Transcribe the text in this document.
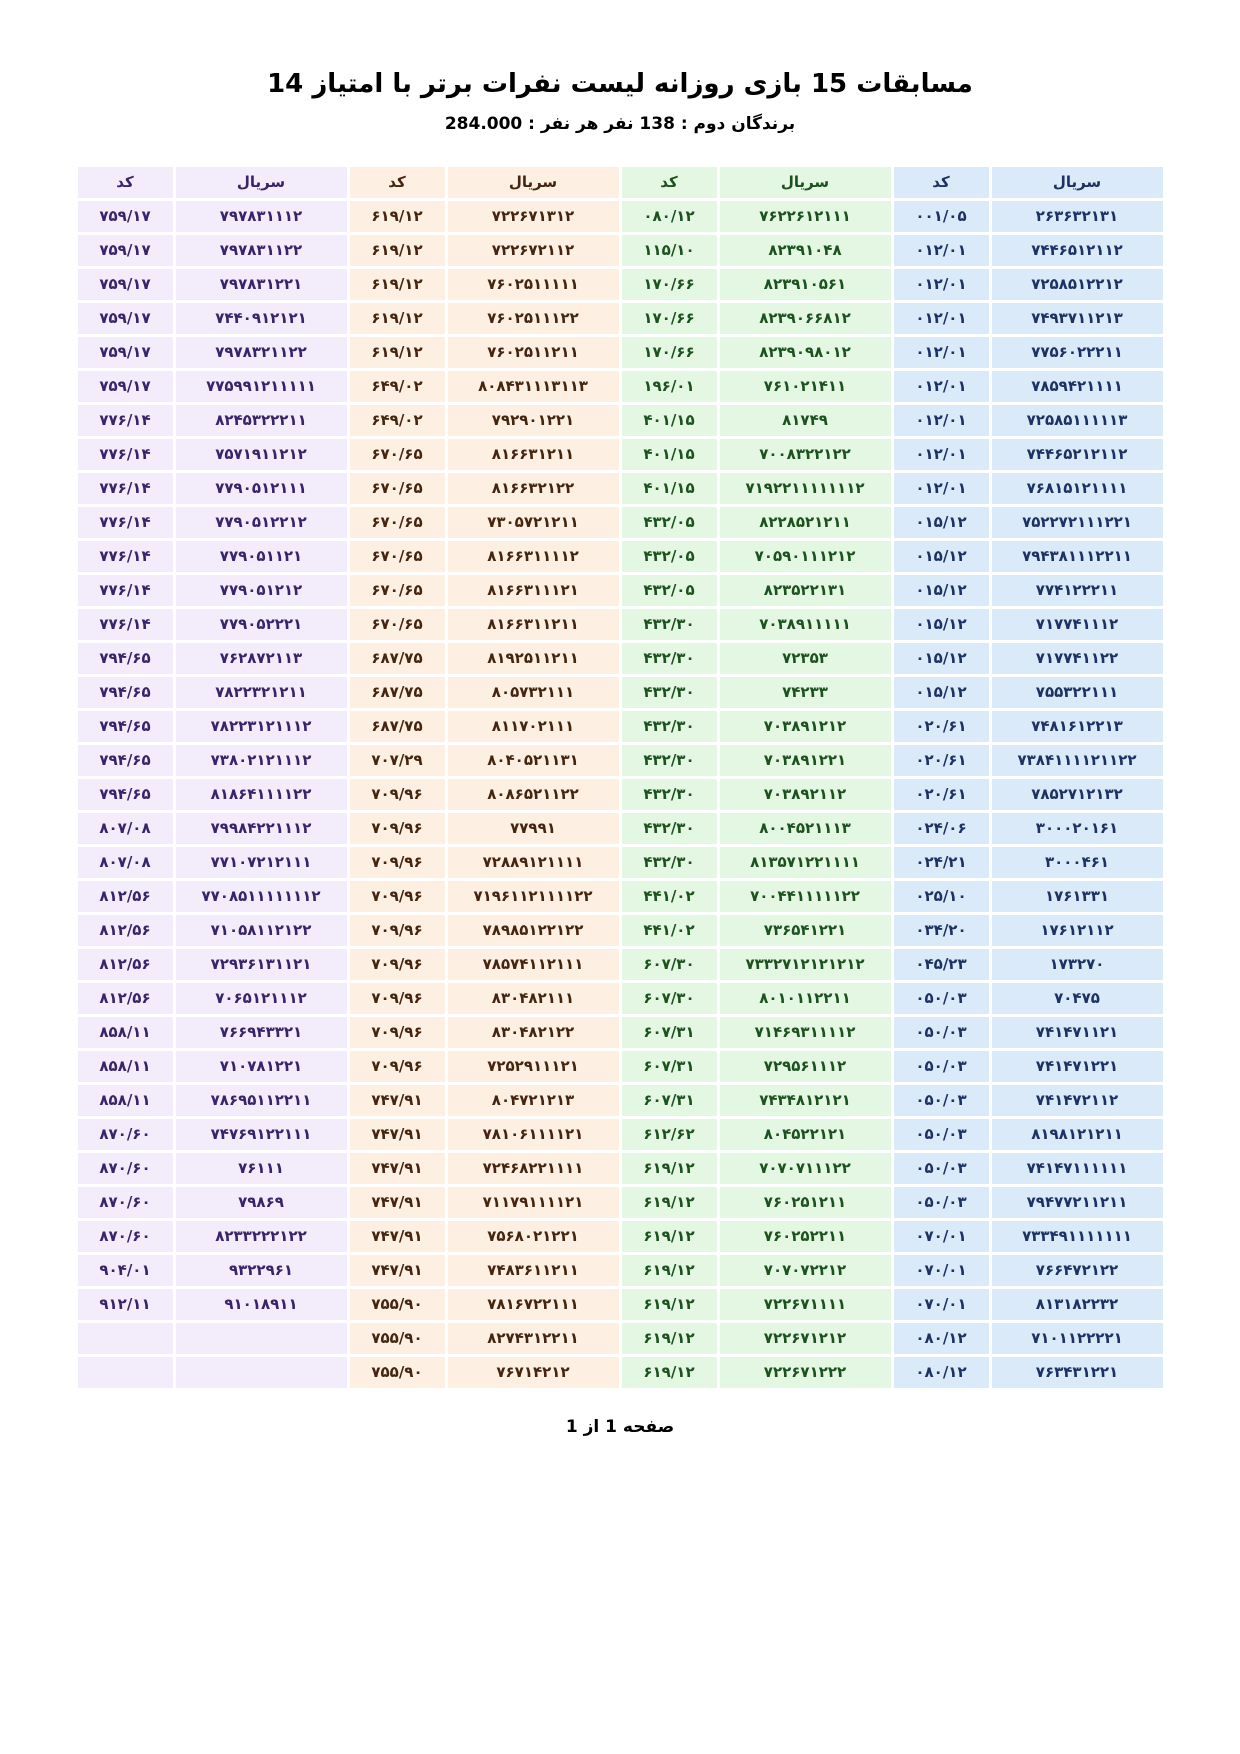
مسابقات 15 بازی روزانه لیست نفرات برتر با امتیاز 14
برندگان دوم : 138 نفر هر نفر : 284.000
کد	سریال	کد	سریال	کد	سریال	کد	سریال
۷۵۹/۱۷	۷۹۷۸۳۱۱۱۲	۶۱۹/۱۲	۷۲۲۶۷۱۳۱۲	۰۸۰/۱۲	۷۶۲۲۶۱۲۱۱۱	۰۰۱/۰۵	۲۶۳۶۳۲۱۳۱
۷۵۹/۱۷	۷۹۷۸۳۱۱۲۲	۶۱۹/۱۲	۷۲۲۶۷۲۱۱۲	۱۱۵/۱۰	۸۲۳۹۱۰۴۸	۰۱۲/۰۱	۷۴۴۶۵۱۲۱۱۲
۷۵۹/۱۷	۷۹۷۸۳۱۲۲۱	۶۱۹/۱۲	۷۶۰۲۵۱۱۱۱۱	۱۷۰/۶۶	۸۲۳۹۱۰۵۶۱	۰۱۲/۰۱	۷۲۵۸۵۱۲۲۱۲
۷۵۹/۱۷	۷۴۴۰۹۱۲۱۲۱	۶۱۹/۱۲	۷۶۰۲۵۱۱۱۲۲	۱۷۰/۶۶	۸۲۳۹۰۶۶۸۱۲	۰۱۲/۰۱	۷۴۹۳۷۱۱۲۱۳
۷۵۹/۱۷	۷۹۷۸۳۲۱۱۲۲	۶۱۹/۱۲	۷۶۰۲۵۱۱۲۱۱	۱۷۰/۶۶	۸۲۳۹۰۹۸۰۱۲	۰۱۲/۰۱	۷۷۵۶۰۲۲۲۱۱
۷۵۹/۱۷	۷۷۵۹۹۱۲۱۱۱۱۱	۶۴۹/۰۲	۸۰۸۴۳۱۱۱۳۱۱۳	۱۹۶/۰۱	۷۶۱۰۲۱۴۱۱	۰۱۲/۰۱	۷۸۵۹۴۲۱۱۱۱
۷۷۶/۱۴	۸۲۴۵۳۲۲۲۱۱	۶۴۹/۰۲	۷۹۲۹۰۱۲۲۱	۴۰۱/۱۵	۸۱۷۴۹	۰۱۲/۰۱	۷۲۵۸۵۱۱۱۱۱۳
۷۷۶/۱۴	۷۵۷۱۹۱۱۲۱۲	۶۷۰/۶۵	۸۱۶۶۳۱۲۱۱	۴۰۱/۱۵	۷۰۰۸۳۲۲۱۲۲	۰۱۲/۰۱	۷۴۴۶۵۲۱۲۱۱۲
۷۷۶/۱۴	۷۷۹۰۵۱۲۱۱۱	۶۷۰/۶۵	۸۱۶۶۳۲۱۲۲	۴۰۱/۱۵	۷۱۹۲۲۱۱۱۱۱۱۱۲	۰۱۲/۰۱	۷۶۸۱۵۱۲۱۱۱۱
۷۷۶/۱۴	۷۷۹۰۵۱۲۲۱۲	۶۷۰/۶۵	۷۳۰۵۷۲۱۲۱۱	۴۳۲/۰۵	۸۲۲۸۵۲۱۲۱۱	۰۱۵/۱۲	۷۵۲۲۷۲۱۱۱۲۲۱
۷۷۶/۱۴	۷۷۹۰۵۱۱۲۱	۶۷۰/۶۵	۸۱۶۶۳۱۱۱۱۲	۴۳۲/۰۵	۷۰۵۹۰۱۱۱۲۱۲	۰۱۵/۱۲	۷۹۴۳۸۱۱۱۲۲۱۱
۷۷۶/۱۴	۷۷۹۰۵۱۲۱۲	۶۷۰/۶۵	۸۱۶۶۳۱۱۱۲۱	۴۳۲/۰۵	۸۲۳۵۲۲۱۳۱	۰۱۵/۱۲	۷۷۴۱۲۲۲۱۱
۷۷۶/۱۴	۷۷۹۰۵۲۲۲۱	۶۷۰/۶۵	۸۱۶۶۳۱۱۲۱۱	۴۳۲/۳۰	۷۰۳۸۹۱۱۱۱۱	۰۱۵/۱۲	۷۱۷۷۴۱۱۱۲
۷۹۴/۶۵	۷۶۲۸۷۲۱۱۳	۶۸۷/۷۵	۸۱۹۲۵۱۱۲۱۱	۴۳۲/۳۰	۷۲۳۵۳	۰۱۵/۱۲	۷۱۷۷۴۱۱۲۲
۷۹۴/۶۵	۷۸۲۲۳۲۱۲۱۱	۶۸۷/۷۵	۸۰۵۷۳۲۱۱۱	۴۳۲/۳۰	۷۴۲۳۳	۰۱۵/۱۲	۷۵۵۳۲۲۱۱۱
۷۹۴/۶۵	۷۸۲۲۳۱۲۱۱۱۲	۶۸۷/۷۵	۸۱۱۷۰۲۱۱۱	۴۳۲/۳۰	۷۰۳۸۹۱۲۱۲	۰۲۰/۶۱	۷۴۸۱۶۱۲۲۱۳
۷۹۴/۶۵	۷۳۸۰۲۱۲۱۱۱۲	۷۰۷/۲۹	۸۰۴۰۵۲۱۱۳۱	۴۳۲/۳۰	۷۰۳۸۹۱۲۲۱	۰۲۰/۶۱	۷۳۸۴۱۱۱۱۲۱۱۲۲
۷۹۴/۶۵	۸۱۸۶۴۱۱۱۱۲۲	۷۰۹/۹۶	۸۰۸۶۵۲۱۱۲۲	۴۳۲/۳۰	۷۰۳۸۹۲۱۱۲	۰۲۰/۶۱	۷۸۵۲۷۱۲۱۳۲
۸۰۷/۰۸	۷۹۹۸۴۲۲۱۱۱۲	۷۰۹/۹۶	۷۷۹۹۱	۴۳۲/۳۰	۸۰۰۴۵۲۱۱۱۳	۰۲۴/۰۶	۳۰۰۰۲۰۱۶۱
۸۰۷/۰۸	۷۷۱۰۷۲۱۲۱۱۱	۷۰۹/۹۶	۷۲۸۸۹۱۲۱۱۱۱	۴۳۲/۳۰	۸۱۳۵۷۱۲۲۱۱۱۱	۰۲۴/۲۱	۳۰۰۰۴۶۱
۸۱۲/۵۶	۷۷۰۸۵۱۱۱۱۱۱۱۲	۷۰۹/۹۶	۷۱۹۶۱۱۲۱۱۱۱۲۲	۴۴۱/۰۲	۷۰۰۴۴۱۱۱۱۱۲۲	۰۲۵/۱۰	۱۷۶۱۳۳۱
۸۱۲/۵۶	۷۱۰۵۸۱۱۲۱۲۲	۷۰۹/۹۶	۷۸۹۸۵۱۲۲۱۲۲	۴۴۱/۰۲	۷۳۶۵۴۱۲۲۱	۰۳۴/۲۰	۱۷۶۱۲۱۱۲
۸۱۲/۵۶	۷۲۹۳۶۱۳۱۱۲۱	۷۰۹/۹۶	۷۸۵۷۴۱۱۲۱۱۱	۶۰۷/۳۰	۷۳۳۲۷۱۲۱۲۱۲۱۲	۰۴۵/۲۳	۱۷۳۲۷۰
۸۱۲/۵۶	۷۰۶۵۱۲۱۱۱۲	۷۰۹/۹۶	۸۳۰۴۸۲۱۱۱	۶۰۷/۳۰	۸۰۱۰۱۱۲۲۱۱	۰۵۰/۰۳	۷۰۴۷۵
۸۵۸/۱۱	۷۶۶۹۴۳۳۲۱	۷۰۹/۹۶	۸۳۰۴۸۲۱۲۲	۶۰۷/۳۱	۷۱۴۶۹۳۱۱۱۱۲	۰۵۰/۰۳	۷۴۱۴۷۱۱۲۱
۸۵۸/۱۱	۷۱۰۷۸۱۲۲۱	۷۰۹/۹۶	۷۲۵۲۹۱۱۱۲۱	۶۰۷/۳۱	۷۲۹۵۶۱۱۱۲	۰۵۰/۰۳	۷۴۱۴۷۱۲۲۱
۸۵۸/۱۱	۷۸۶۹۵۱۱۲۲۱۱	۷۴۷/۹۱	۸۰۴۷۲۱۲۱۳	۶۰۷/۳۱	۷۴۳۴۸۱۲۱۲۱	۰۵۰/۰۳	۷۴۱۴۷۲۱۱۲
۸۷۰/۶۰	۷۴۷۶۹۱۲۲۱۱۱	۷۴۷/۹۱	۷۸۱۰۶۱۱۱۱۲۱	۶۱۲/۶۲	۸۰۴۵۲۲۱۲۱	۰۵۰/۰۳	۸۱۹۸۱۲۱۲۱۱
۸۷۰/۶۰	۷۶۱۱۱	۷۴۷/۹۱	۷۲۴۶۸۲۲۱۱۱۱	۶۱۹/۱۲	۷۰۷۰۷۱۱۱۲۲	۰۵۰/۰۳	۷۴۱۴۷۱۱۱۱۱۱
۸۷۰/۶۰	۷۹۸۶۹	۷۴۷/۹۱	۷۱۱۷۹۱۱۱۱۲۱	۶۱۹/۱۲	۷۶۰۲۵۱۲۱۱	۰۵۰/۰۳	۷۹۴۷۷۲۱۱۲۱۱
۸۷۰/۶۰	۸۲۳۳۲۲۲۱۲۲	۷۴۷/۹۱	۷۵۶۸۰۲۱۲۲۱	۶۱۹/۱۲	۷۶۰۲۵۲۲۱۱	۰۷۰/۰۱	۷۳۳۴۹۱۱۱۱۱۱۱
۹۰۴/۰۱	۹۳۲۲۹۶۱	۷۴۷/۹۱	۷۴۸۳۶۱۱۲۱۱	۶۱۹/۱۲	۷۰۷۰۷۲۲۱۲	۰۷۰/۰۱	۷۶۶۴۷۲۱۲۲
۹۱۲/۱۱	۹۱۰۱۸۹۱۱	۷۵۵/۹۰	۷۸۱۶۷۲۲۱۱۱	۶۱۹/۱۲	۷۲۲۶۷۱۱۱۱	۰۷۰/۰۱	۸۱۳۱۸۲۲۳۲
		۷۵۵/۹۰	۸۲۷۴۳۱۲۲۱۱	۶۱۹/۱۲	۷۲۲۶۷۱۲۱۲	۰۸۰/۱۲	۷۱۰۱۱۲۲۲۲۱
		۷۵۵/۹۰	۷۶۷۱۴۲۱۲	۶۱۹/۱۲	۷۲۲۶۷۱۲۲۲	۰۸۰/۱۲	۷۶۳۴۳۱۲۲۱
صفحه 1 از 1
